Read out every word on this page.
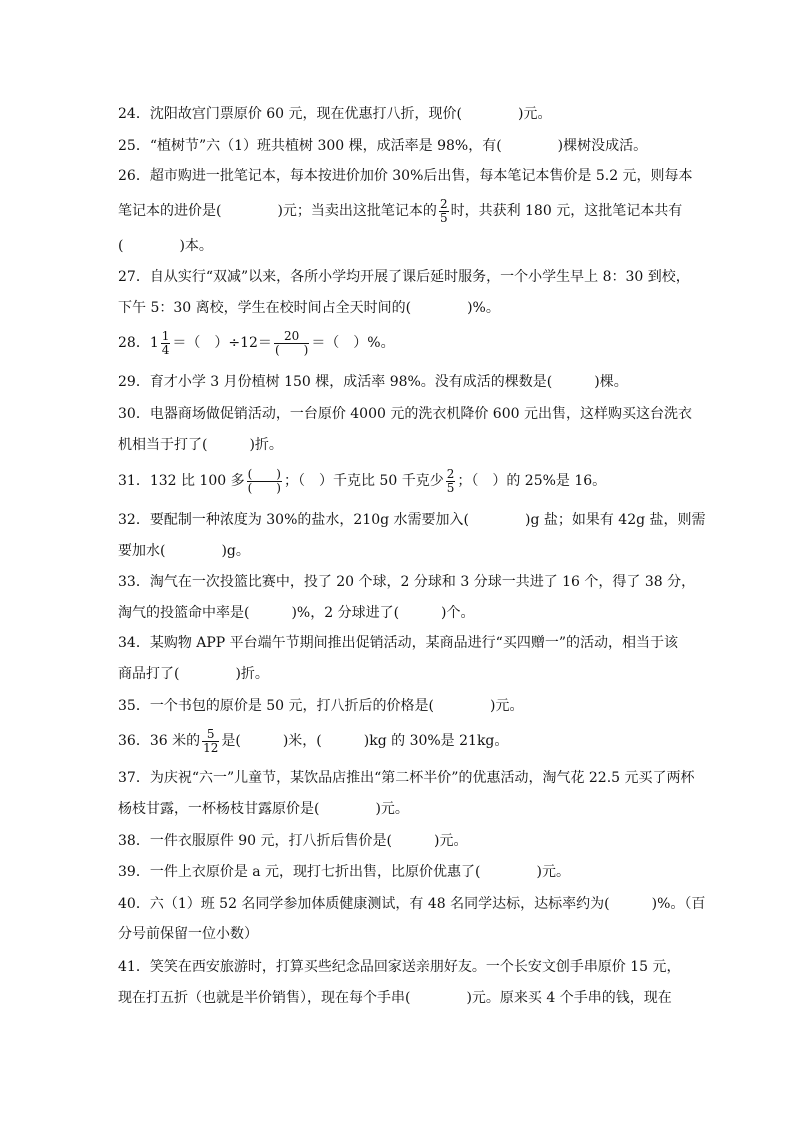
24．沈阳故宫门票原价 60 元，现在优惠打八折，现价(　　　　)元。
25．“植树节”六（1）班共植树 300 棵，成活率是 98%，有(　　　　)棵树没成活。
26．超市购进一批笔记本，每本按进价加价 30%后出售，每本笔记本售价是 5.2 元，则每本
笔记本的进价是(　　　　)元；当卖出这批笔记本的 $\frac{2}{5}$ 时，共获利 180 元，这批笔记本共有
(　　　　)本。
27．自从实行“双减”以来，各所小学均开展了课后延时服务，一个小学生早上 8：30 到校，
下午 5：30 离校，学生在校时间占全天时间的(　　　　)%。
28． $1 \frac{1}{4}$ ＝（　）$\div 12= \frac{20}{( )}$ ＝（　）%。
29．育才小学 3 月份植树 150 棵，成活率 98%。没有成活的棵数是(　　　)棵。
30．电器商场做促销活动，一台原价 4000 元的洗衣机降价 600 元出售，这样购买这台洗衣
机相当于打了(　　　)折。
31．132 比 100 多 $\frac{( )}{( )}$ ；（　）千克比 50 千克少 $\frac{2}{5}$ ；（　）的 25%是 16。
32．要配制一种浓度为 30%的盐水，210g 水需要加入(　　　　)g 盐；如果有 42g 盐，则需
要加水(　　　　)g。
33．淘气在一次投篮比赛中，投了 20 个球，2 分球和 3 分球一共进了 16 个，得了 38 分，
淘气的投篮命中率是(　　　)%，2 分球进了(　　　)个。
34．某购物 APP 平台端午节期间推出促销活动，某商品进行“买四赠一”的活动，相当于该
商品打了(　　　　)折。
35．一个书包的原价是 50 元，打八折后的价格是(　　　　)元。
36．36 米的 $\frac{5}{12}$ 是(　　　)米，(　　　)kg 的 30%是 21kg。
37．为庆祝“六一”儿童节，某饮品店推出“第二杯半价”的优惠活动，淘气花 22.5 元买了两杯
杨枝甘露，一杯杨枝甘露原价是(　　　　)元。
38．一件衣服原件 90 元，打八折后售价是(　　　)元。
39．一件上衣原价是 a 元，现打七折出售，比原价优惠了(　　　　)元。
40．六（1）班 52 名同学参加体质健康测试，有 48 名同学达标，达标率约为(　　　)%。（百
分号前保留一位小数）
41．笑笑在西安旅游时，打算买些纪念品回家送亲朋好友。一个长安文创手串原价 15 元，
现在打五折（也就是半价销售），现在每个手串(　　　　)元。原来买 4 个手串的钱，现在
